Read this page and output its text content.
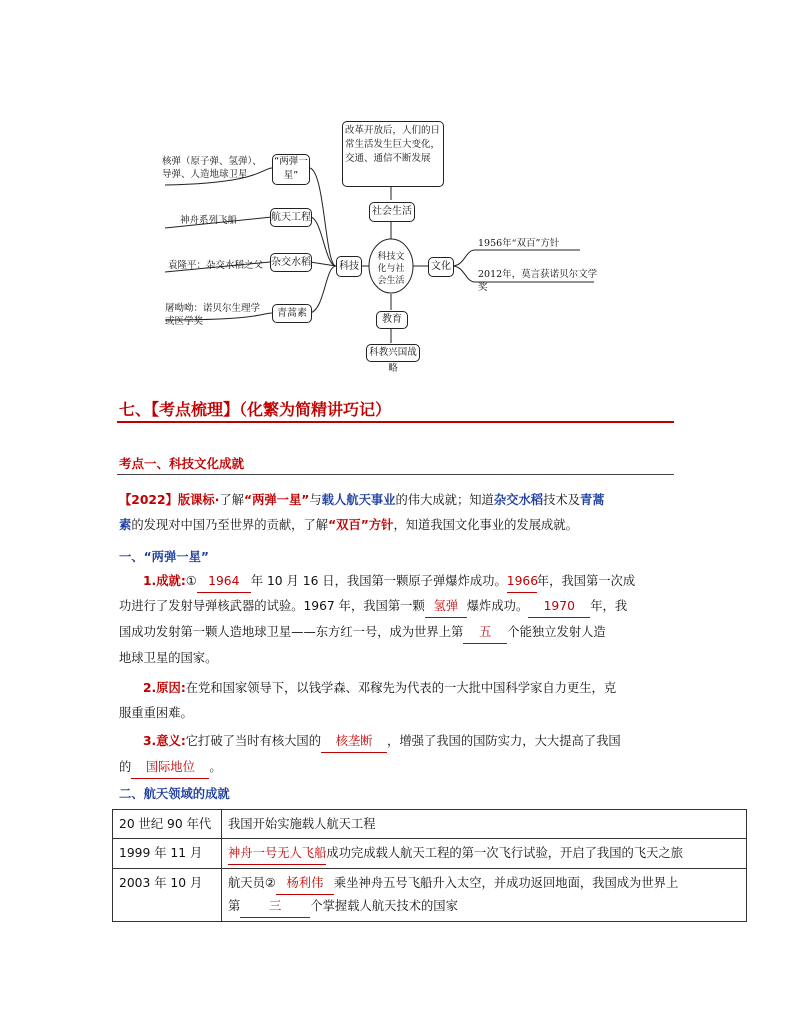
科技文化与社会生活
科技	文化
社会生活
教育
“两弹一星”
航天工程
杂交水稻
青蒿素
核弹（原子弹、氢弹）、导弹、人造地球卫星
神舟系列飞船
袁隆平：杂交水稻之父
屠呦呦：诺贝尔生理学或医学奖
改革开放后，人们的日常生活发生巨大变化，交通、通信不断发展
1956年“双百”方针
2012年，莫言获诺贝尔文学奖
科教兴国战略
七、【考点梳理】（化繁为简精讲巧记）
考点一、科技文化成就
【2022】版课标·了解“两弹一星”与载人航天事业的伟大成就；知道杂交水稻技术及青蒿
素的发现对中国乃至世界的贡献，了解“双百”方针，知道我国文化事业的发展成就。
一、“两弹一星”
1.成就:① 1964 年 10 月 16 日，我国第一颗原子弹爆炸成功。1966年，我国第一次成
功进行了发射导弹核武器的试验。1967 年，我国第一颗 氢弹 爆炸成功。 1970 年，我
国成功发射第一颗人造地球卫星——东方红一号，成为世界上第 五 个能独立发射人造
地球卫星的国家。
2.原因:在党和国家领导下，以钱学森、邓稼先为代表的一大批中国科学家自力更生，克
服重重困难。
3.意义:它打破了当时有核大国的 核垄断 ，增强了我国的国防实力，大大提高了我国
的 国际地位 。
二、航天领域的成就
20 世纪 90 年代	我国开始实施载人航天工程
1999 年 11 月	神舟一号无人飞船成功完成载人航天工程的第一次飞行试验，开启了我国的飞天之旅
2003 年 10 月	航天员② 杨利伟 乘坐神舟五号飞船升入太空，并成功返回地面，我国成为世界上
第 三 个掌握载人航天技术的国家
